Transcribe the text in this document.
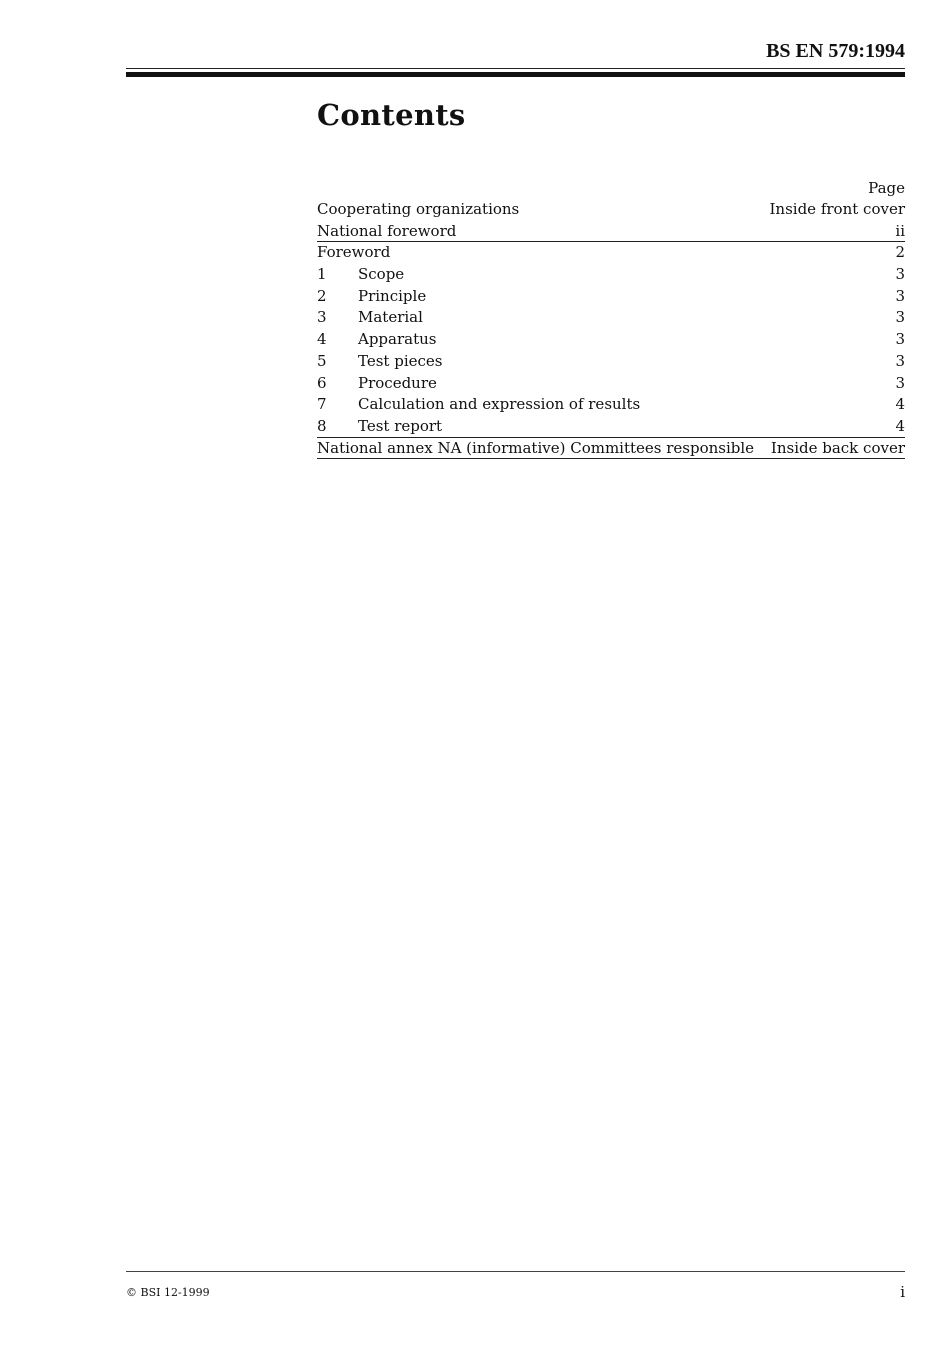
BS EN 579:1994
Contents
Page
Cooperating organizations	Inside front cover
National foreword	ii
Foreword	2
1	Scope	3
2	Principle	3
3	Material	3
4	Apparatus	3
5	Test pieces	3
6	Procedure	3
7	Calculation and expression of results	4
8	Test report	4
National annex NA (informative) Committees responsible Inside back cover
© BSI 12-1999	i
